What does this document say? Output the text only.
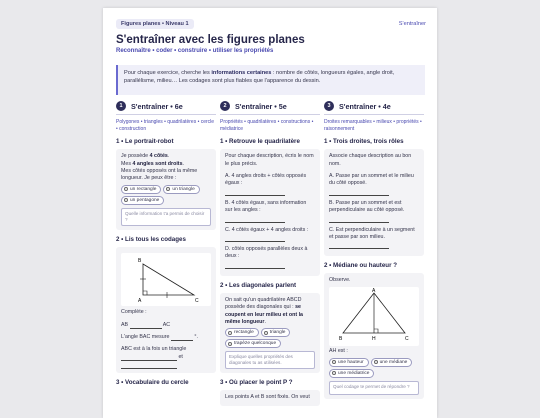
Figures planes • Niveau 1	S'entraîner
S'entraîner avec les figures planes
Reconnaître • coder • construire • utiliser les propriétés
Pour chaque exercice, cherche les informations certaines : nombre de côtés, longueurs égales, angle droit, parallélisme, milieu… Les codages sont plus fiables que l'apparence du dessin.
1	S'entraîner • 6e
Polygones • triangles • quadrilatères • cercle • construction
1 • Le portrait-robot
Je possède 4 côtés.
Mes 4 angles sont droits.
Mes côtés opposés ont la même longueur. Je peux être :
un rectangle	un triangle
un pentagone
Quelle information t'a permis de choisir ?
2 • Lis tous les codages
B
A	C
Complète :
AB	AC
L'angle BAC mesure	°.
ABC est à la fois un triangle
et
3 • Vocabulaire du cercle
2	S'entraîner • 5e
Propriétés • quadrilatères • constructions • médiatrice
1 • Retrouve le quadrilatère
Pour chaque description, écris le nom le plus précis.
A. 4 angles droits + côtés opposés égaux :
B. 4 côtés égaux, sans information sur les angles :
C. 4 côtés égaux + 4 angles droits :
D. côtés opposés parallèles deux à deux :
2 • Les diagonales parlent
On sait qu'un quadrilatère ABCD possède des diagonales qui : se coupent en leur milieu et ont la même longueur.
rectangle	triangle
trapèze quelconque
Explique quelles propriétés des diagonales tu as utilisées.
3 • Où placer le point P ?
Les points A et B sont fixés. On veut
3	S'entraîner • 4e
Droites remarquables • milieux • propriétés • raisonnement
1 • Trois droites, trois rôles
Associe chaque description au bon nom.
A. Passe par un sommet et le milieu du côté opposé.
B. Passe par un sommet et est perpendiculaire au côté opposé.
C. Est perpendiculaire à un segment et passe par son milieu.
2 • Médiane ou hauteur ?
Observe.
A
B	H	C
AH est :
une hauteur	une médiane
une médiatrice
Quel codage te permet de répondre ?
